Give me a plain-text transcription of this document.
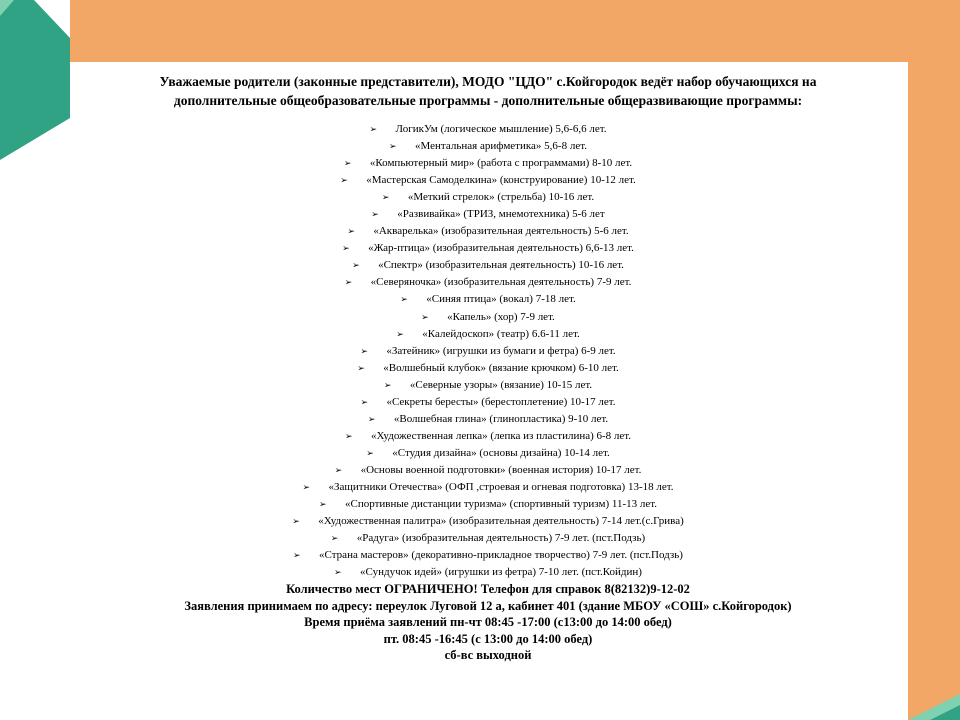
Уважаемые родители (законные представители), МОДО "ЦДО" с.Койгородок ведёт набор обучающихся на
дополнительные общеобразовательные программы - дополнительные общеразвивающие программы:
➢ ЛогикУм (логическое мышление) 5,6-6,6 лет.
➢ «Ментальная арифметика» 5,6-8 лет.
➢ «Компьютерный мир» (работа с программами) 8-10 лет.
➢ «Мастерская Самоделкина» (конструирование) 10-12 лет.
➢ «Меткий стрелок» (стрельба) 10-16 лет.
➢ «Развивайка» (ТРИЗ, мнемотехника) 5-6 лет
➢ «Акварелька» (изобразительная деятельность) 5-6 лет.
➢ «Жар-птица» (изобразительная деятельность) 6,6-13 лет.
➢ «Спектр» (изобразительная деятельность) 10-16 лет.
➢ «Северяночка» (изобразительная деятельность) 7-9 лет.
➢ «Синяя птица» (вокал) 7-18 лет.
➢ «Капель» (хор) 7-9 лет.
➢ «Калейдоскоп» (театр) 6.6-11 лет.
➢ «Затейник» (игрушки из бумаги и фетра) 6-9 лет.
➢ «Волшебный клубок» (вязание крючком) 6-10 лет.
➢ «Северные узоры» (вязание) 10-15 лет.
➢ «Секреты бересты» (берестоплетение) 10-17 лет.
➢ «Волшебная глина» (глинопластика) 9-10 лет.
➢ «Художественная лепка» (лепка из пластилина) 6-8 лет.
➢ «Студия дизайна» (основы дизайна) 10-14 лет.
➢ «Основы военной подготовки» (военная история) 10-17 лет.
➢ «Защитники Отечества» (ОФП ,строевая и огневая подготовка) 13-18 лет.
➢ «Спортивные дистанции туризма» (спортивный туризм) 11-13 лет.
➢ «Художественная палитра» (изобразительная деятельность) 7-14 лет.(с.Грива)
➢ «Радуга» (изобразительная деятельность) 7-9 лет. (пст.Подзь)
➢ «Страна мастеров» (декоративно-прикладное творчество) 7-9 лет. (пст.Подзь)
➢ «Сундучок идей» (игрушки из фетра) 7-10 лет. (пст.Койдин)

Количество мест ОГРАНИЧЕНО! Телефон для справок 8(82132)9-12-02

Заявления принимаем по адресу: переулок Луговой 12 а, кабинет 401 (здание МБОУ «СОШ» с.Койгородок)

Время приёма заявлений пн-чт 08:45 -17:00 (с13:00 до 14:00 обед)

пт. 08:45 -16:45 (с 13:00 до 14:00 обед)

сб-вс выходной
